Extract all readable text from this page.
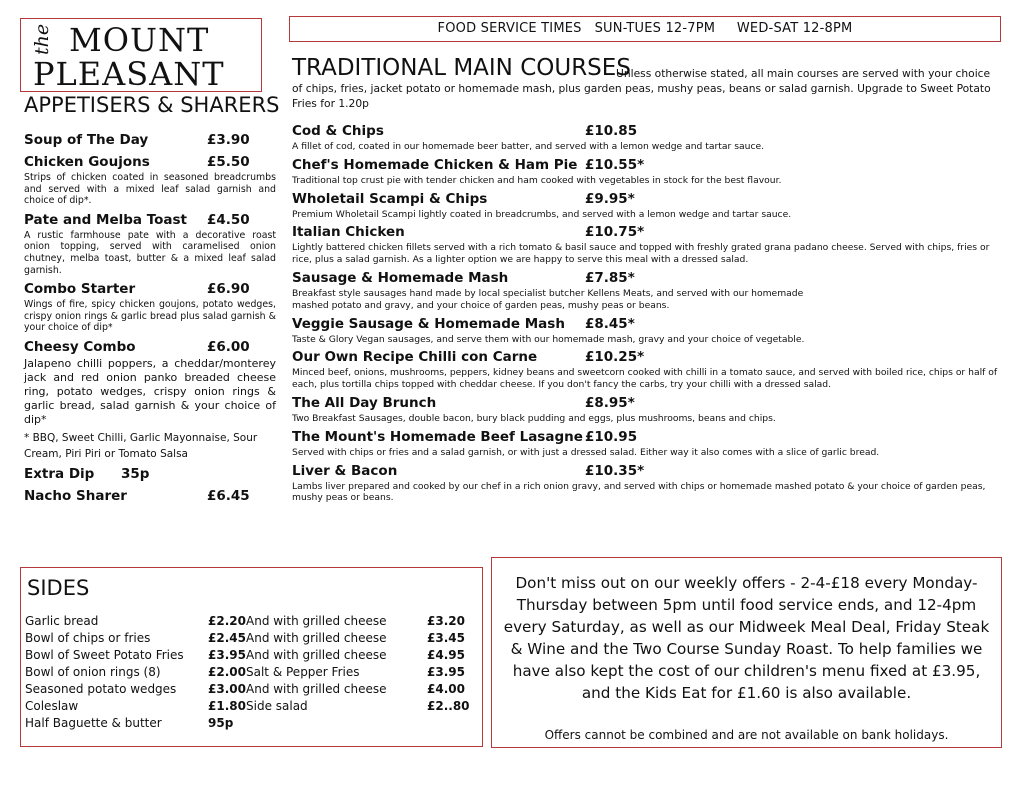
the MOUNT
PLEASANT
FOOD SERVICE TIMES   SUN-TUES 12-7PM     WED-SAT 12-8PM
APPETISERS & SHARERS
Soup of The Day	£3.90
Chicken Goujons	£5.50
Strips of chicken coated in seasoned breadcrumbs and served with a mixed leaf salad garnish and choice of dip*.
Pate and Melba Toast	£4.50
A rustic farmhouse pate with a decorative roast onion topping, served with caramelised onion chutney, melba toast, butter & a mixed leaf salad garnish.
Combo Starter	£6.90
Wings of fire, spicy chicken goujons, potato wedges, crispy onion rings & garlic bread plus salad garnish & your choice of dip*
Cheesy Combo	£6.00
Jalapeno chilli poppers, a cheddar/monterey jack and red onion panko breaded cheese ring, potato wedges, crispy onion rings & garlic bread, salad garnish & your choice of dip*
* BBQ, Sweet Chilli, Garlic Mayonnaise, Sour Cream, Piri Piri or Tomato Salsa
Extra Dip	35p
Nacho Sharer	£6.45
TRADITIONAL MAIN COURSES
Unless otherwise stated, all main courses are served with your choice of chips, fries, jacket potato or homemade mash, plus garden peas, mushy peas, beans or salad garnish. Upgrade to Sweet Potato Fries for 1.20p
Cod & Chips	£10.85
A fillet of cod, coated in our homemade beer batter, and served with a lemon wedge and tartar sauce.
Chef's Homemade Chicken & Ham Pie £10.55*
Traditional top crust pie with tender chicken and ham cooked with vegetables in stock for the best flavour.
Wholetail Scampi & Chips	£9.95*
Premium Wholetail Scampi lightly coated in breadcrumbs, and served with a lemon wedge and tartar sauce.
Italian Chicken	£10.75*
Lightly battered chicken fillets served with a rich tomato & basil sauce and topped with freshly grated grana padano cheese. Served with chips, fries or rice, plus a salad garnish. As a lighter option we are happy to serve this meal with a dressed salad.
Sausage & Homemade Mash	£7.85*
Breakfast style sausages hand made by local specialist butcher Kellens Meats, and served with our homemade mashed potato and gravy, and your choice of garden peas, mushy peas or beans.
Veggie Sausage & Homemade Mash	£8.45*
Taste & Glory Vegan sausages, and serve them with our homemade mash, gravy and your choice of vegetable.
Our Own Recipe Chilli con Carne	£10.25*
Minced beef, onions, mushrooms, peppers, kidney beans and sweetcorn cooked with chilli in a tomato sauce, and served with boiled rice, chips or half of each, plus tortilla chips topped with cheddar cheese. If you don't fancy the carbs, try your chilli with a dressed salad.
The All Day Brunch	£8.95*
Two Breakfast Sausages, double bacon, bury black pudding and eggs, plus mushrooms, beans and chips.
The Mount's Homemade Beef Lasagne £10.95
Served with chips or fries and a salad garnish, or with just a dressed salad. Either way it also comes with a slice of garlic bread.
Liver & Bacon	£10.35*
Lambs liver prepared and cooked by our chef in a rich onion gravy, and served with chips or homemade mashed potato & your choice of garden peas, mushy peas or beans.
SIDES
Garlic bread	£2.20	And with grilled cheese	£3.20
Bowl of chips or fries	£2.45	And with grilled cheese	£3.45
Bowl of Sweet Potato Fries	£3.95	And with grilled cheese	£4.95
Bowl of onion rings (8)	£2.00	Salt & Pepper Fries	£3.95
Seasoned potato wedges	£3.00	And with grilled cheese	£4.00
Coleslaw	£1.80	Side salad	£2..80
Half Baguette & butter	95p		
Don't miss out on our weekly offers - 2-4-£18 every Monday-Thursday between 5pm until food service ends, and 12-4pm every Saturday, as well as our Midweek Meal Deal, Friday Steak & Wine and the Two Course Sunday Roast. To help families we have also kept the cost of our children's menu fixed at £3.95, and the Kids Eat for £1.60 is also available.
Offers cannot be combined and are not available on bank holidays.
